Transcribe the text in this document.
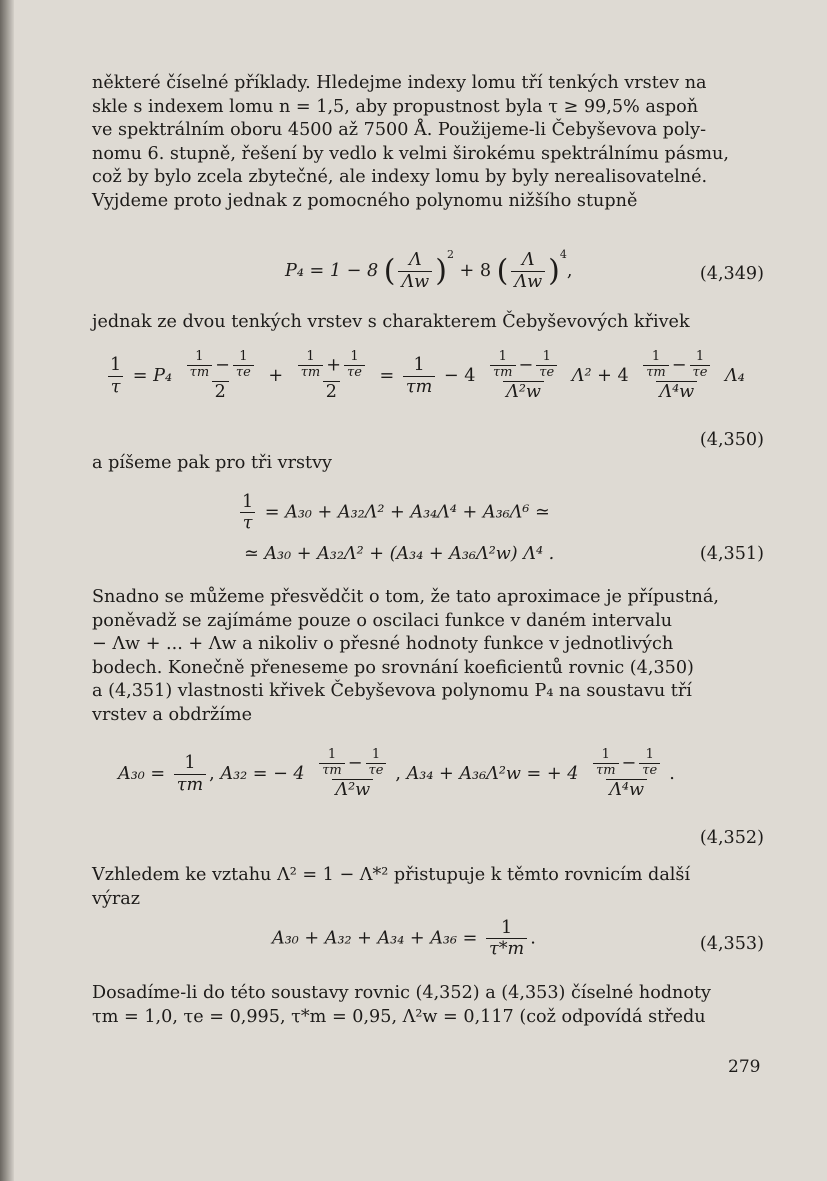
některé číselné příklady. Hledejme indexy lomu tří tenkých vrstev na
skle s indexem lomu n = 1,5, aby propustnost byla τ ≥ 99,5% aspoň
ve spektrálním oboru 4500 až 7500 Å. Použijeme-li Čebyševova poly-
nomu 6. stupně, řešení by vedlo k velmi širokému spektrálnímu pásmu,
což by bylo zcela zbytečné, ale indexy lomu by byly nerealisovatelné.
Vyjdeme proto jednak z pomocného polynomu nižšího stupně
P₄ = 1 − 8 ( $\frac{\Lambda}{\Lambda w} )^2 + 8$ ( $\frac{\Lambda}{\Lambda w} )^4$,	(4,349)
jednak ze dvou tenkých vrstev s charakterem Čebyševových křivek
$\frac{1}{\tau} = P_4 \frac{\frac{1}{\tau m} - \frac{1}{\tau e}}{2} + \frac{\frac{1}{\tau m} + \frac{1}{\tau e}}{2} = \frac{1}{\tau m} - 4 \frac{\frac{1}{\tau m} - \frac{1}{\tau e}}{\text{Λ²w}} \Lambda^2 + 4 \frac{\frac{1}{\tau m} - \frac{1}{\tau e}}{\text{Λ⁴w}} \Lambda_4$
(4,350)
a píšeme pak pro tři vrstvy
$\frac{1}{\tau} = A_{30} + A_{32}\Lambda^2 + A_{34}\Lambda^4 + A_{36}\Lambda^6$ ≃
≃ A₃₀ + A₃₂Λ² + (A₃₄ + A₃₆Λ²w) Λ⁴ .	(4,351)
Snadno se můžeme přesvědčit o tom, že tato aproximace je přípustná,
poněvadž se zajímáme pouze o oscilaci funkce v daném intervalu
− Λw + ... + Λw a nikoliv o přesné hodnoty funkce v jednotlivých
bodech. Konečně přeneseme po srovnání koeficientů rovnic (4,350)
a (4,351) vlastnosti křivek Čebyševova polynomu P₄ na soustavu tří
vrstev a obdržíme
$A_{30} = \frac{1}{\tau m}$ , A₃₂ = − $4 \frac{\frac{1}{\tau m} - \frac{1}{\tau e}}{\text{Λ²w}}$ , A₃₄ + A₃₆Λ²w = + $4 \frac{\frac{1}{\tau m} - \frac{1}{\tau e}}{\text{Λ⁴w}}$ .
(4,352)
Vzhledem ke vztahu Λ² = 1 − Λ*² přistupuje k těmto rovnicím další
výraz
$A_{30} + A_{32} + A_{34} + A_{36} = \frac{1}{\tau*m}$ .	(4,353)
Dosadíme-li do této soustavy rovnic (4,352) a (4,353) číselné hodnoty
τm = 1,0, τe = 0,995, τ*m = 0,95, Λ²w = 0,117 (což odpovídá středu
279
